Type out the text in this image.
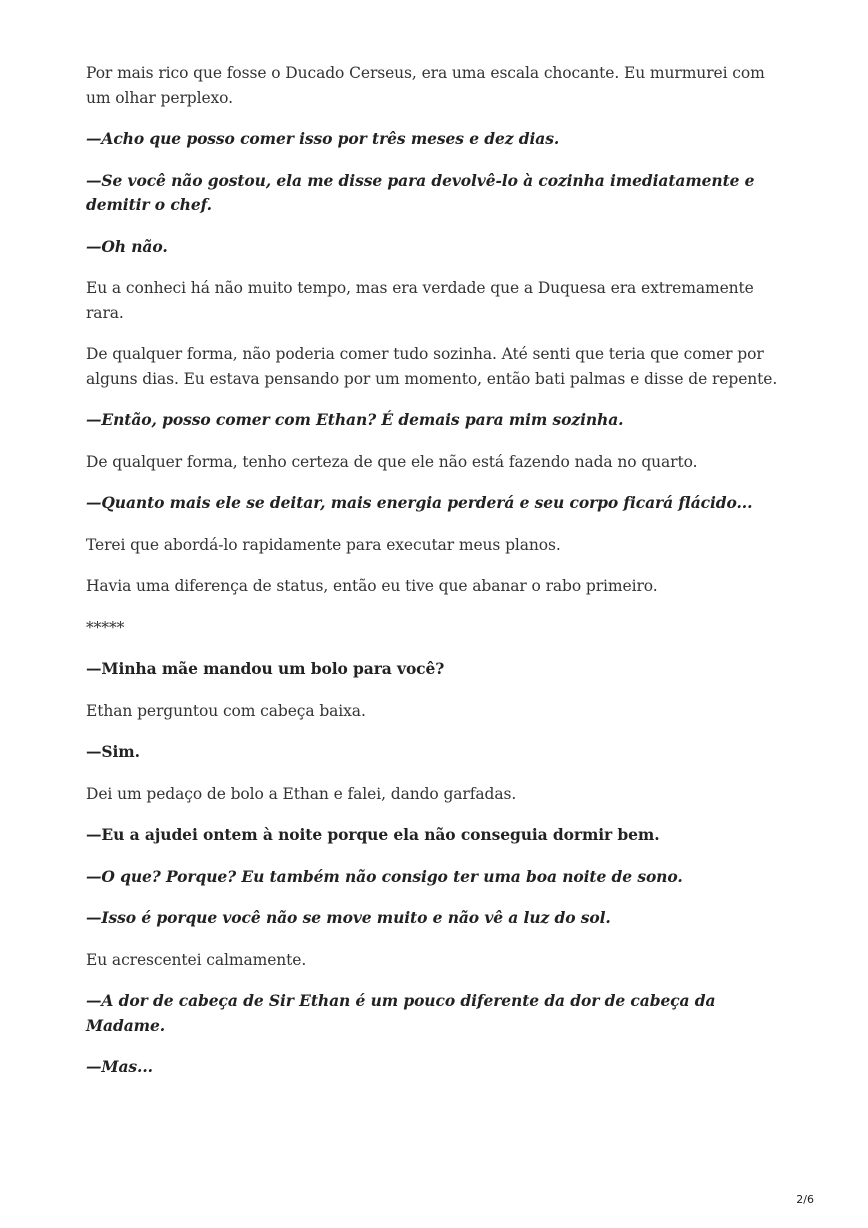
Por mais rico que fosse o Ducado Cerseus, era uma escala chocante. Eu murmurei com um olhar perplexo.

—Acho que posso comer isso por três meses e dez dias.

—Se você não gostou, ela me disse para devolvê-lo à cozinha imediatamente e demitir o chef.

—Oh não.

Eu a conheci há não muito tempo, mas era verdade que a Duquesa era extremamente rara.

De qualquer forma, não poderia comer tudo sozinha. Até senti que teria que comer por alguns dias. Eu estava pensando por um momento, então bati palmas e disse de repente.

—Então, posso comer com Ethan? É demais para mim sozinha.

De qualquer forma, tenho certeza de que ele não está fazendo nada no quarto.

—Quanto mais ele se deitar, mais energia perderá e seu corpo ficará flácido...

Terei que abordá-lo rapidamente para executar meus planos.

Havia uma diferença de status, então eu tive que abanar o rabo primeiro.

*****

—Minha mãe mandou um bolo para você?

Ethan perguntou com cabeça baixa.

—Sim.

Dei um pedaço de bolo a Ethan e falei, dando garfadas.

—Eu a ajudei ontem à noite porque ela não conseguia dormir bem.

—O que? Porque? Eu também não consigo ter uma boa noite de sono.

—Isso é porque você não se move muito e não vê a luz do sol.

Eu acrescentei calmamente.

—A dor de cabeça de Sir Ethan é um pouco diferente da dor de cabeça da Madame.

—Mas...

2/6
